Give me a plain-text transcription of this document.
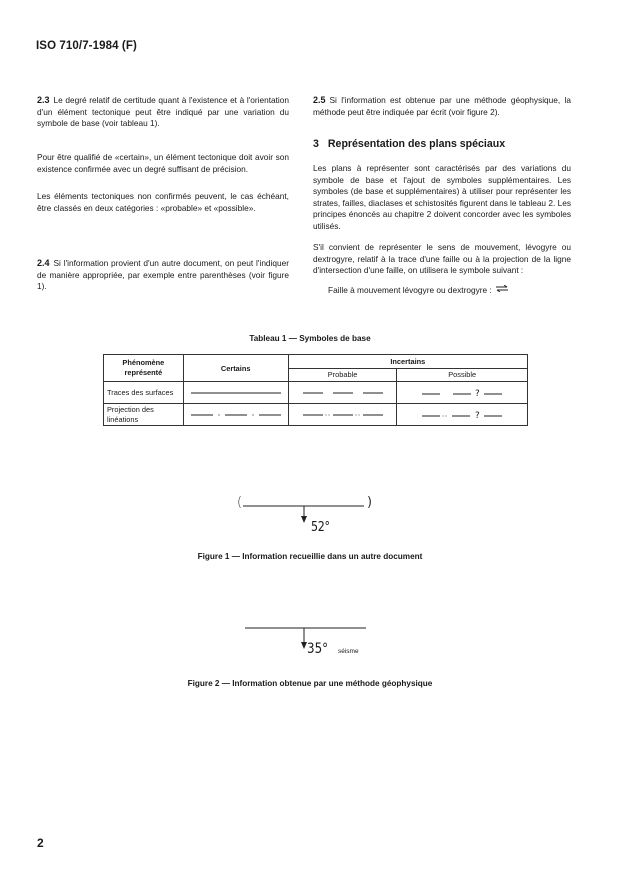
ISO 710/7-1984 (F)

2.3 Le degré relatif de certitude quant à l'existence et à l'orientation d'un élément tectonique peut être indiqué par une variation du symbole de base (voir tableau 1).

Pour être qualifié de «certain», un élément tectonique doit avoir son existence confirmée avec un degré suffisant de précision.
Les éléments tectoniques non confirmés peuvent, le cas échéant, être classés en deux catégories : «probable» et «possible».

2.4 Si l'information provient d'un autre document, on peut l'indiquer de manière appropriée, par exemple entre parenthèses (voir figure 1).

2.5 Si l'information est obtenue par une méthode géophysique, la méthode peut être indiquée par écrit (voir figure 2).

3 Représentation des plans spéciaux
Les plans à représenter sont caractérisés par des variations du symbole de base et l'ajout de symboles supplémentaires. Les symboles (de base et supplémentaires) à utiliser pour représenter les strates, failles, diaclases et schistosités figurent dans le tableau 2. Les principes énoncés au chapitre 2 doivent concorder avec les symboles utilisés.
S'il convient de représenter le sens de mouvement, lévogyre ou dextrogyre, relatif à la trace d'une faille ou à la projection de la ligne d'intersection d'une faille, on utilisera le symbole suivant :
Faille à mouvement lévogyre ou dextrogyre :
Tableau 1 — Symboles de base
Phénomène représenté	Certains	Incertains	
		Probable	Possible
Traces des surfaces			?

Projection des linéations			?
(	)
52°
Figure 1 — Information recueillie dans un autre document
35° séisme
Figure 2 — Information obtenue par une méthode géophysique
2
